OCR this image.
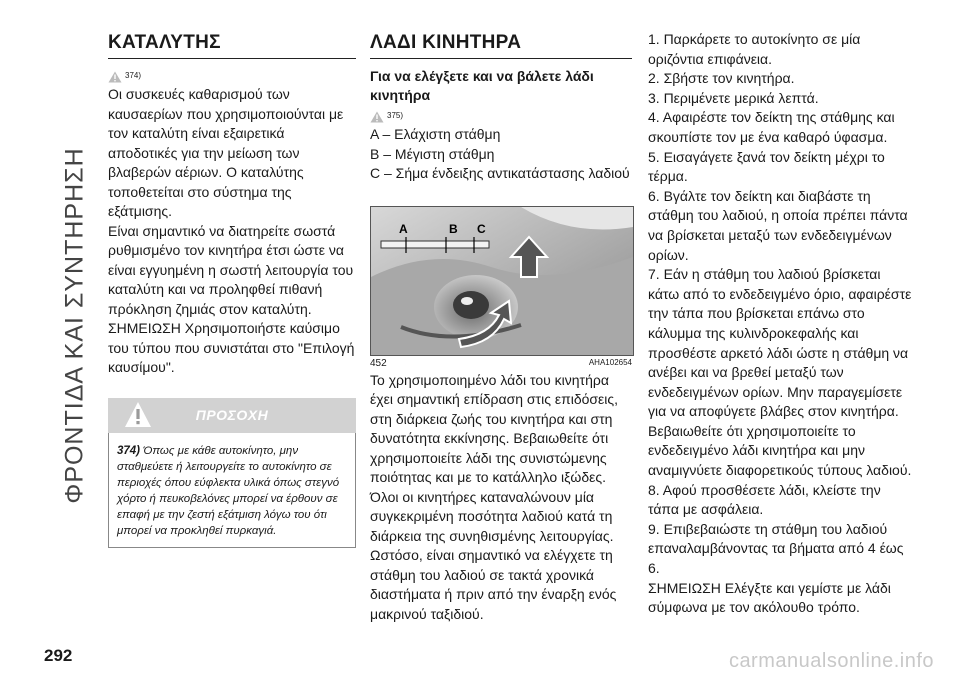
ΦΡΟΝΤΙΔΑ ΚΑΙ ΣΥΝΤΗΡΗΣΗ
ΚΑΤΑΛΥΤΗΣ
374)

Οι συσκευές καθαρισμού των καυσαερίων που χρησιμοποιούνται με τον καταλύτη είναι εξαιρετικά αποδοτικές για την μείωση των βλαβερών αέριων. Ο καταλύτης τοποθετείται στο σύστημα της εξάτμισης.

Είναι σημαντικό να διατηρείτε σωστά ρυθμισμένο τον κινητήρα έτσι ώστε να είναι εγγυημένη η σωστή λειτουργία του καταλύτη και να προληφθεί πιθανή πρόκληση ζημιάς στον καταλύτη.

ΣΗΜΕΙΩΣΗ Χρησιμοποιήστε καύσιμο του τύπου που συνιστάται στο "Επιλογή καυσίμου".

ΠΡΟΣΟΧΗ
374) Όπως με κάθε αυτοκίνητο, μην σταθμεύετε ή λειτουργείτε το αυτοκίνητο σε περιοχές όπου εύφλεκτα υλικά όπως στεγνό χόρτο ή πευκοβελόνες μπορεί να έρθουν σε επαφή με την ζεστή εξάτμιση λόγω του ότι μπορεί να προκληθεί πυρκαγιά.
ΛΑΔΙ ΚΙΝΗΤΗΡΑ
Για να ελέγξετε και να βάλετε λάδι κινητήρα
375)

A – Ελάχιστη στάθμη

B – Μέγιστη στάθμη

C – Σήμα ένδειξης αντικατάστασης λαδιού

A	B C
452	AHA102654

Το χρησιμοποιημένο λάδι του κινητήρα έχει σημαντική επίδραση στις επιδόσεις, στη διάρκεια ζωής του κινητήρα και στη δυνατότητα εκκίνησης. Βεβαιωθείτε ότι χρησιμοποιείτε λάδι της συνιστώμενης ποιότητας και με το κατάλληλο ιξώδες. Όλοι οι κινητήρες καταναλώνουν μία συγκεκριμένη ποσότητα λαδιού κατά τη διάρκεια της συνηθισμένης λειτουργίας. Ωστόσο, είναι σημαντικό να ελέγχετε τη στάθμη του λαδιού σε τακτά χρονικά διαστήματα ή πριν από την έναρξη ενός μακρινού ταξιδιού.

1. Παρκάρετε το αυτοκίνητο σε μία οριζόντια επιφάνεια.

2. Σβήστε τον κινητήρα.

3. Περιμένετε μερικά λεπτά.

4. Αφαιρέστε τον δείκτη της στάθμης και σκουπίστε τον με ένα καθαρό ύφασμα.

5. Εισαγάγετε ξανά τον δείκτη μέχρι το τέρμα.

6. Βγάλτε τον δείκτη και διαβάστε τη στάθμη του λαδιού, η οποία πρέπει πάντα να βρίσκεται μεταξύ των ενδεδειγμένων ορίων.

7. Εάν η στάθμη του λαδιού βρίσκεται κάτω από το ενδεδειγμένο όριο, αφαιρέστε την τάπα που βρίσκεται επάνω στο κάλυμμα της κυλινδροκεφαλής και προσθέστε αρκετό λάδι ώστε η στάθμη να ανέβει και να βρεθεί μεταξύ των ενδεδειγμένων ορίων. Μην παραγεμίσετε για να αποφύγετε βλάβες στον κινητήρα. Βεβαιωθείτε ότι χρησιμοποιείτε το ενδεδειγμένο λάδι κινητήρα και μην αναμιγνύετε διαφορετικούς τύπους λαδιού.

8. Αφού προσθέσετε λάδι, κλείστε την τάπα με ασφάλεια.

9. Επιβεβαιώστε τη στάθμη του λαδιού επαναλαμβάνοντας τα βήματα από 4 έως 6.

ΣΗΜΕΙΩΣΗ Ελέγξτε και γεμίστε με λάδι σύμφωνα με τον ακόλουθο τρόπο.

292	carmanualsonline.info
